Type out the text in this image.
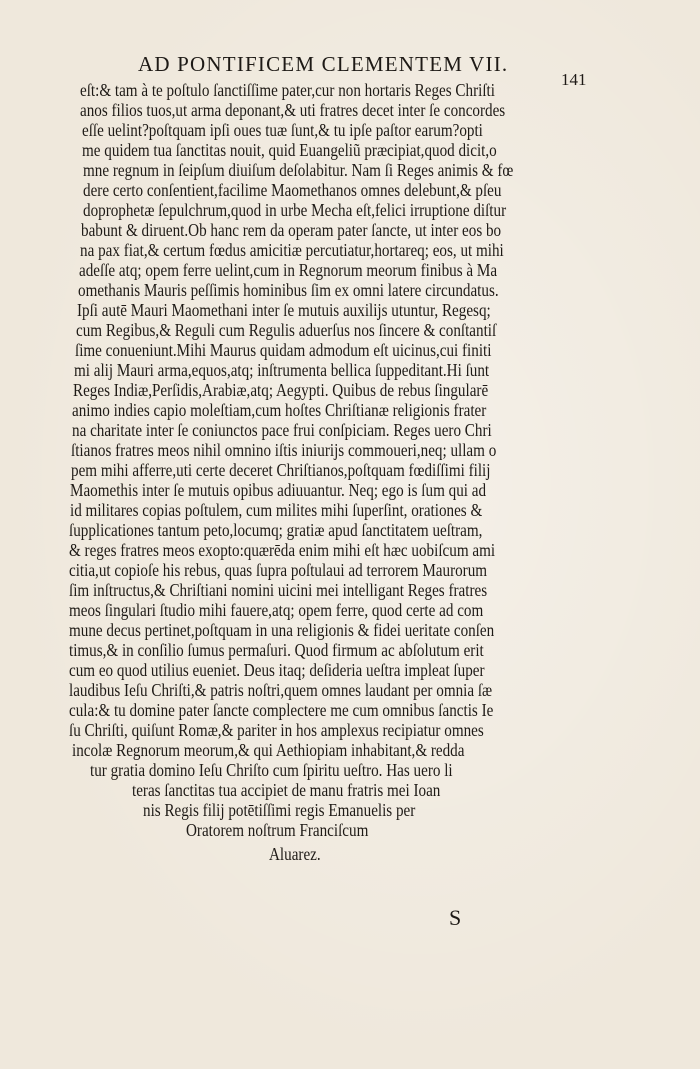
AD PONTIFICEM CLEMENTEM VII.
141
eſt:& tam à te poſtulo ſanctiſſime pater,cur non hortaris Reges Chriſti
anos filios tuos,ut arma deponant,& uti fratres decet inter ſe concordes
eſſe uelint?poſtquam ipſi oues tuæ ſunt,& tu ipſe paſtor earum?opti
me quidem tua ſanctitas nouit, quid Euangeliũ præcipiat,quod dicit,o
mne regnum in ſeipſum diuiſum deſolabitur. Nam ſi Reges animis & fœ
dere certo conſentient,facilime Maomethanos omnes delebunt,& pſeu
doprophetæ ſepulchrum,quod in urbe Mecha eſt,felici irruptione diſtur
babunt & diruent.Ob hanc rem da operam pater ſancte, ut inter eos bo
na pax fiat,& certum fœdus amicitiæ percutiatur,hortareq; eos, ut mihi
adeſſe atq; opem ferre uelint,cum in Regnorum meorum finibus à Ma
omethanis Mauris peſſimis hominibus ſim ex omni latere circundatus.
Ipſi autē Mauri Maomethani inter ſe mutuis auxilijs utuntur, Regesq;
cum Regibus,& Reguli cum Regulis aduerſus nos ſincere & conſtantiſ
ſime conueniunt.Mihi Maurus quidam admodum eſt uicinus,cui finiti
mi alij Mauri arma,equos,atq; inſtrumenta bellica ſuppeditant.Hi ſunt
Reges Indiæ,Perſidis,Arabiæ,atq; Aegypti. Quibus de rebus ſingularē
animo indies capio moleſtiam,cum hoſtes Chriſtianæ religionis frater
na charitate inter ſe coniunctos pace frui conſpiciam. Reges uero Chri
ſtianos fratres meos nihil omnino iſtis iniurijs commoueri,neq; ullam o
pem mihi afferre,uti certe deceret Chriſtianos,poſtquam fœdiſſimi filij
Maomethis inter ſe mutuis opibus adiuuantur. Neq; ego is ſum qui ad
id militares copias poſtulem, cum milites mihi ſuperſint, orationes &
ſupplicationes tantum peto,locumq; gratiæ apud ſanctitatem ueſtram,
& reges fratres meos exopto:quærēda enim mihi eſt hæc uobiſcum ami
citia,ut copioſe his rebus, quas ſupra poſtulaui ad terrorem Maurorum
ſim inſtructus,& Chriſtiani nomini uicini mei intelligant Reges fratres
meos ſingulari ſtudio mihi fauere,atq; opem ferre, quod certe ad com
mune decus pertinet,poſtquam in una religionis & fidei ueritate conſen
timus,& in conſilio ſumus permaſuri. Quod firmum ac abſolutum erit
cum eo quod utilius eueniet. Deus itaq; deſideria ueſtra impleat ſuper
laudibus Ieſu Chriſti,& patris noſtri,quem omnes laudant per omnia ſæ
cula:& tu domine pater ſancte complectere me cum omnibus ſanctis Ie
ſu Chriſti, quiſunt Romæ,& pariter in hos amplexus recipiatur omnes
incolæ Regnorum meorum,& qui Aethiopiam inhabitant,& redda
tur gratia domino Ieſu Chriſto cum ſpiritu ueſtro. Has uero li
teras ſanctitas tua accipiet de manu fratris mei Ioan
nis Regis filij potētiſſimi regis Emanuelis per
Oratorem noſtrum Franciſcum
Aluarez.
S
